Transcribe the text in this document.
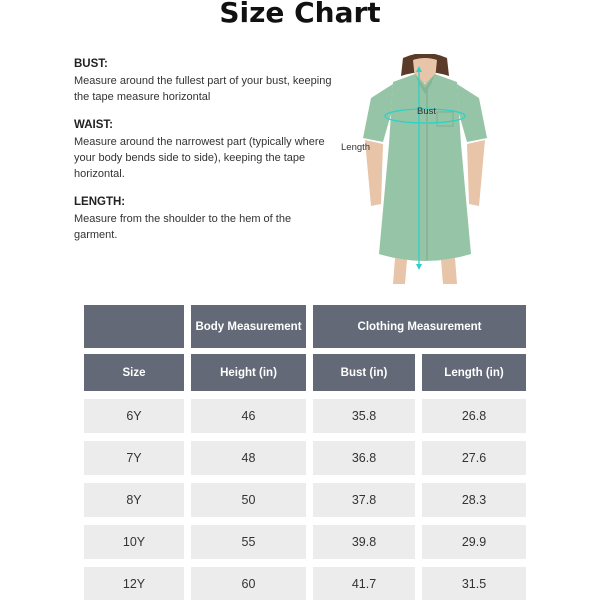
Size Chart
BUST:
Measure around the fullest part of your bust, keeping the tape measure horizontal
WAIST:
Measure around the narrowest part (typically where your body bends side to side), keeping the tape horizontal.
LENGTH:
Measure from the shoulder to the hem of the garment.
Bust
Length
Body Measurement	Clothing Measurement
Size	Height (in)	Bust (in)	Length (in)
6Y	46	35.8	26.8
7Y	48	36.8	27.6
8Y	50	37.8	28.3
10Y	55	39.8	29.9
12Y	60	41.7	31.5
